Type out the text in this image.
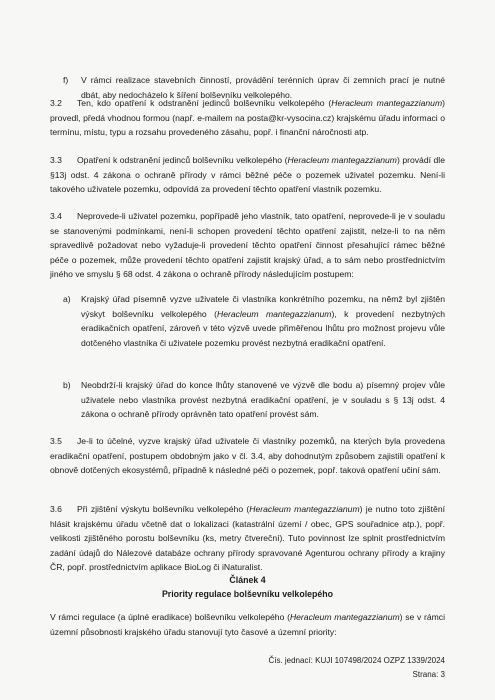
f) V rámci realizace stavebních činností, provádění terénních úprav či zemních prací je nutné dbát, aby nedocházelo k šíření bolševníku velkolepého.

3.2 Ten, kdo opatření k odstranění jedinců bolševníku velkolepého (Heracleum mantegazzianum) provedl, předá vhodnou formou (např. e-mailem na posta@kr-vysocina.cz) krajskému úřadu informaci o termínu, místu, typu a rozsahu provedeného zásahu, popř. i finanční náročnosti atp.

3.3 Opatření k odstranění jedinců bolševníku velkolepého (Heracleum mantegazzianum) provádí dle §13j odst. 4 zákona o ochraně přírody v rámci běžné péče o pozemek uživatel pozemku. Není-li takového uživatele pozemku, odpovídá za provedení těchto opatření vlastník pozemku.

3.4 Neprovede-li uživatel pozemku, popřípadě jeho vlastník, tato opatření, neprovede-li je v souladu se stanovenými podmínkami, není-li schopen provedení těchto opatření zajistit, nelze-li to na něm spravedlivě požadovat nebo vyžaduje-li provedení těchto opatření činnost přesahující rámec běžné péče o pozemek, může provedení těchto opatření zajistit krajský úřad, a to sám nebo prostřednictvím jiného ve smyslu § 68 odst. 4 zákona o ochraně přírody následujícím postupem:

a) Krajský úřad písemně vyzve uživatele či vlastníka konkrétního pozemku, na němž byl zjištěn výskyt bolševníku velkolepého (Heracleum mantegazzianum), k provedení nezbytných eradikačních opatření, zároveň v této výzvě uvede přiměřenou lhůtu pro možnost projevu vůle dotčeného vlastníka či uživatele pozemku provést nezbytná eradikační opatření.

b) Neobdrží-li krajský úřad do konce lhůty stanovené ve výzvě dle bodu a) písemný projev vůle uživatele nebo vlastníka provést nezbytná eradikační opatření, je v souladu s § 13j odst. 4 zákona o ochraně přírody oprávněn tato opatření provést sám.

3.5 Je-li to účelné, vyzve krajský úřad uživatele či vlastníky pozemků, na kterých byla provedena eradikační opatření, postupem obdobným jako v čl. 3.4, aby dohodnutým způsobem zajistili opatření k obnově dotčených ekosystémů, případně k následné péči o pozemek, popř. taková opatření učiní sám.

3.6 Při zjištění výskytu bolševníku velkolepého (Heracleum mantegazzianum) je nutno toto zjištění hlásit krajskému úřadu včetně dat o lokalizaci (katastrální území / obec, GPS souřadnice atp.), popř. velikosti zjištěného porostu bolševníku (ks, metry čtvereční). Tuto povinnost lze splnit prostřednictvím zadání údajů do Nálezové databáze ochrany přírody spravované Agenturou ochrany přírody a krajiny ČR, popř. prostřednictvím aplikace BioLog či iNaturalist.

Článek 4

Priority regulace bolševníku velkolepého

V rámci regulace (a úplné eradikace) bolševníku velkolepého (Heracleum mantegazzianum) se v rámci územní působnosti krajského úřadu stanovují tyto časové a územní priority:

Čís. jednací: KUJI 107498/2024 OZPZ 1339/2024
Strana: 3
